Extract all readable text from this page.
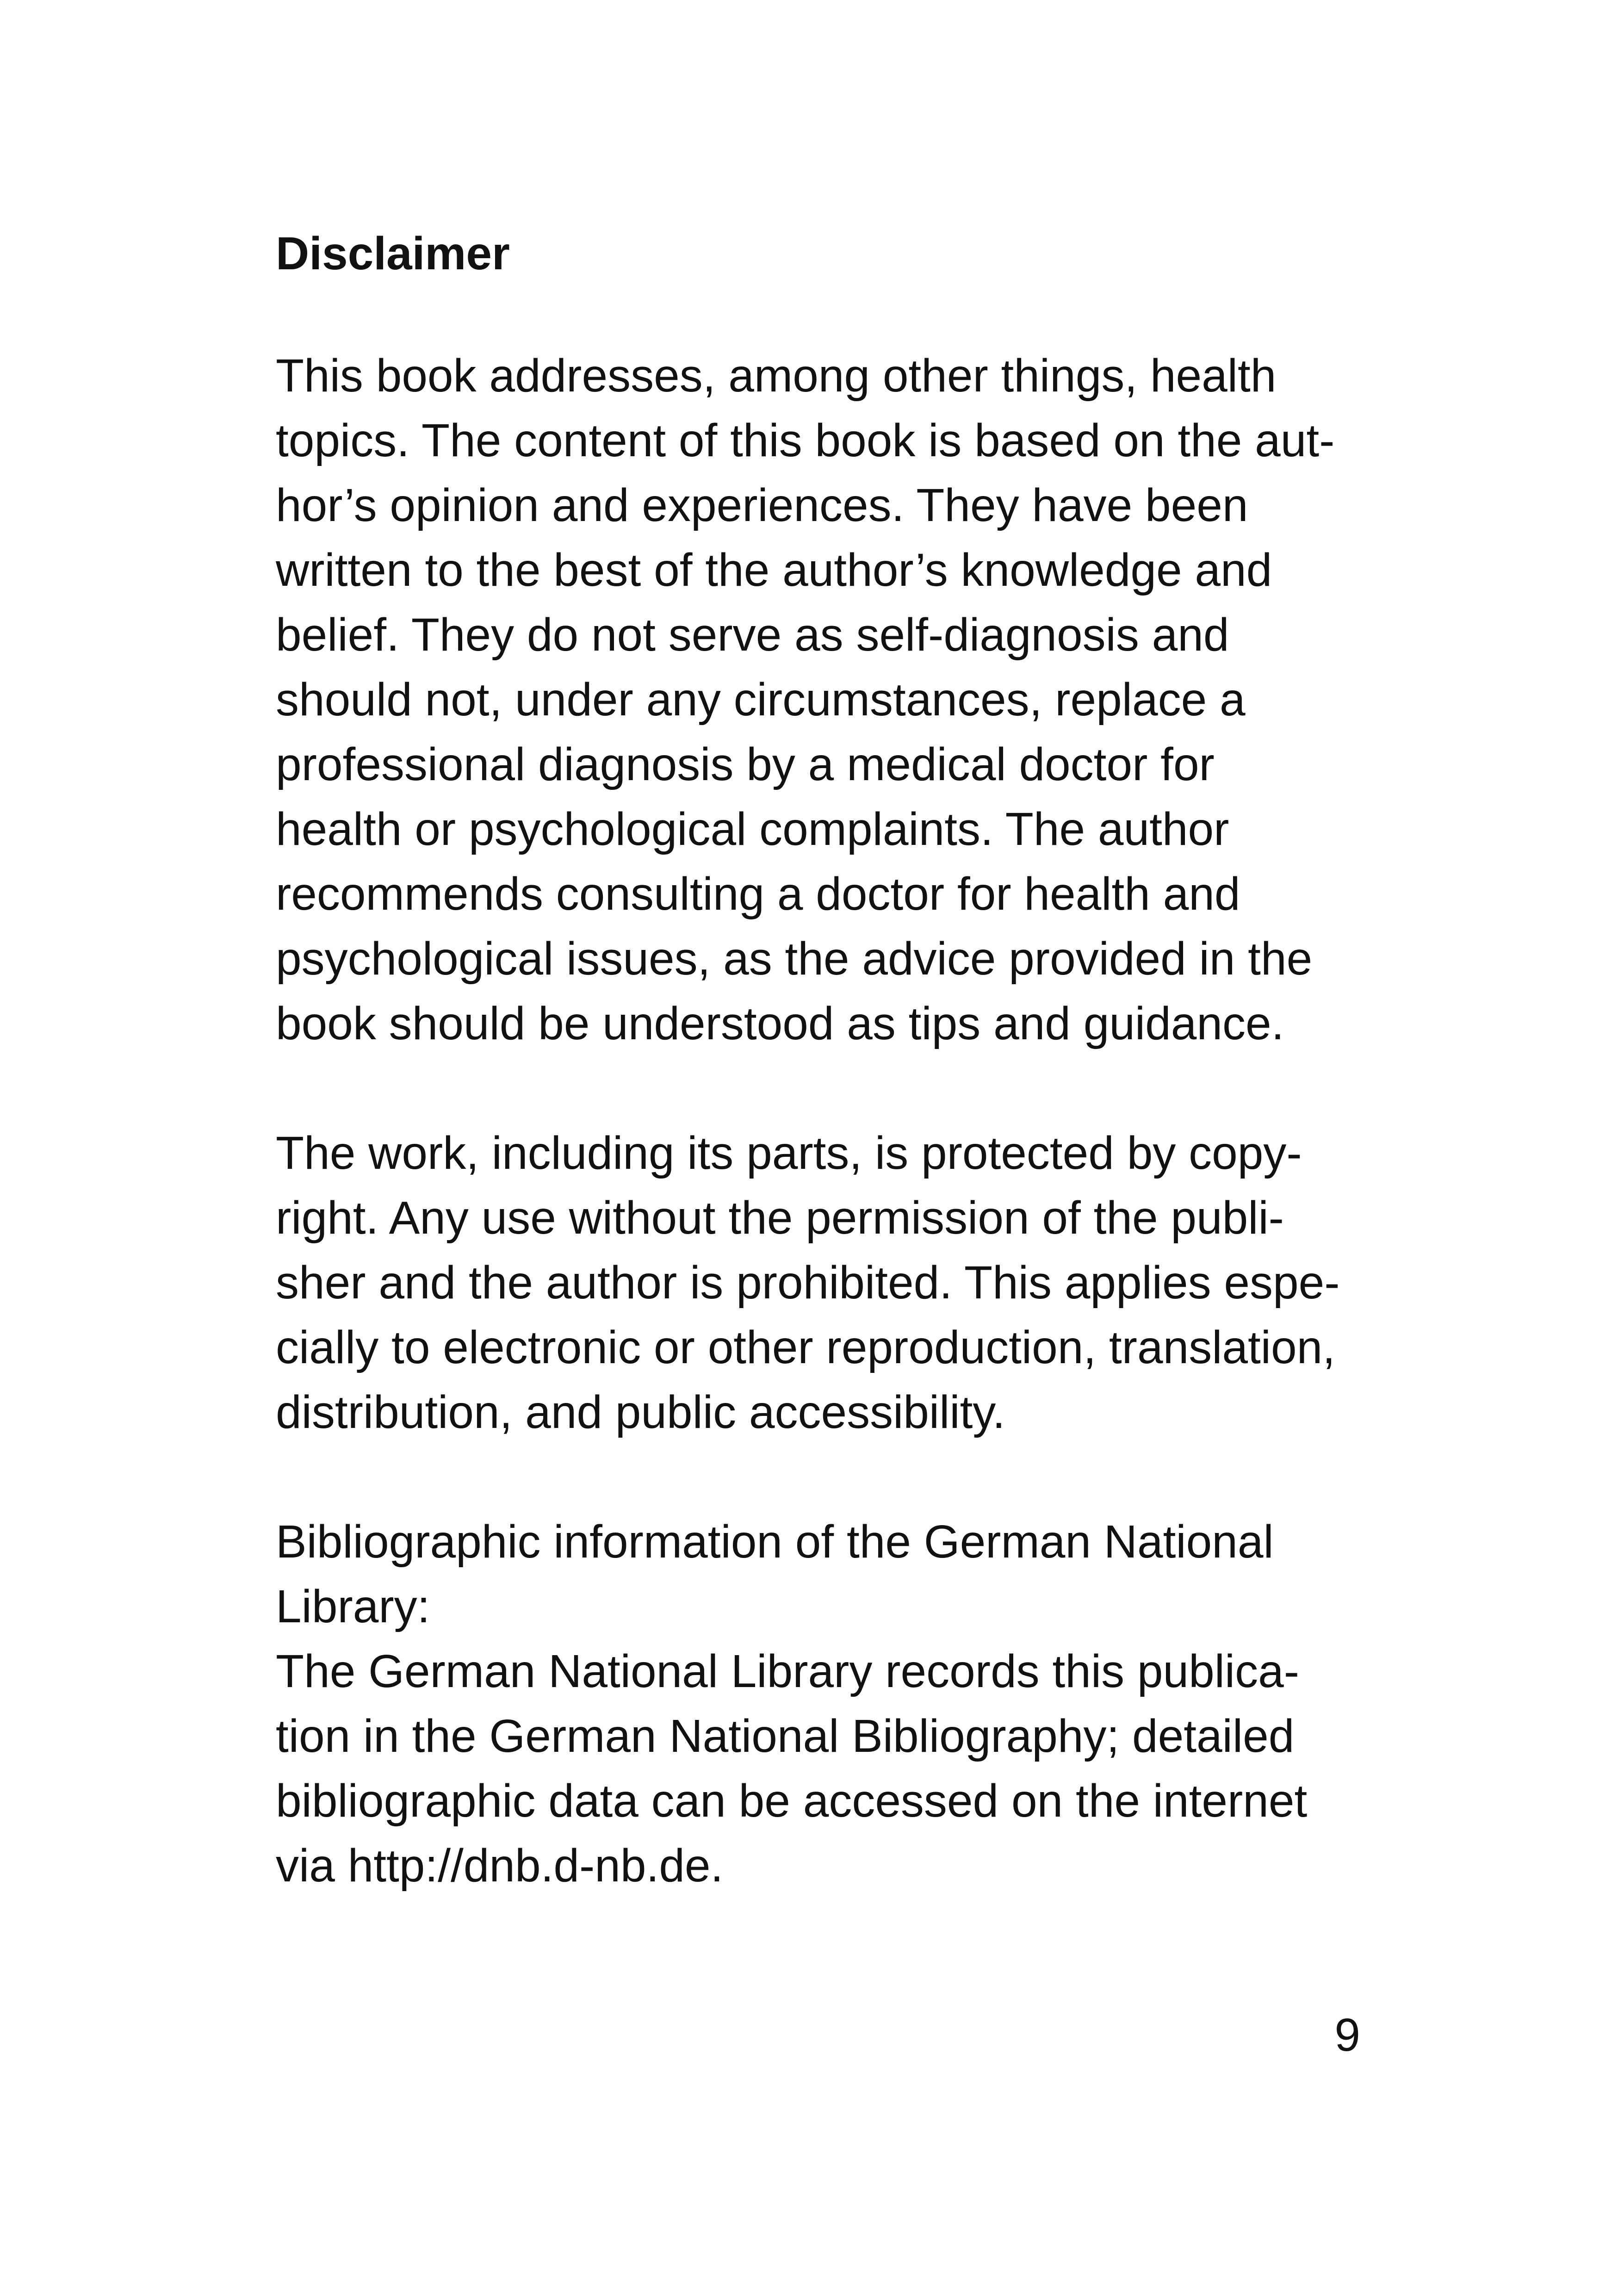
Disclaimer

This book addresses, among other things, health
topics. The content of this book is based on the aut-
hor’s opinion and experiences. They have been
written to the best of the author’s knowledge and
belief. They do not serve as self-diagnosis and
should not, under any circumstances, replace a
professional diagnosis by a medical doctor for
health or psychological complaints. The author
recommends consulting a doctor for health and
psychological issues, as the advice provided in the
book should be understood as tips and guidance.

The work, including its parts, is protected by copy-
right. Any use without the permission of the publi-
sher and the author is prohibited. This applies espe-
cially to electronic or other reproduction, translation,
distribution, and public accessibility.

Bibliographic information of the German National
Library:
The German National Library records this publica-
tion in the German National Bibliography; detailed
bibliographic data can be accessed on the internet
via http://dnb.d-nb.de.

9
